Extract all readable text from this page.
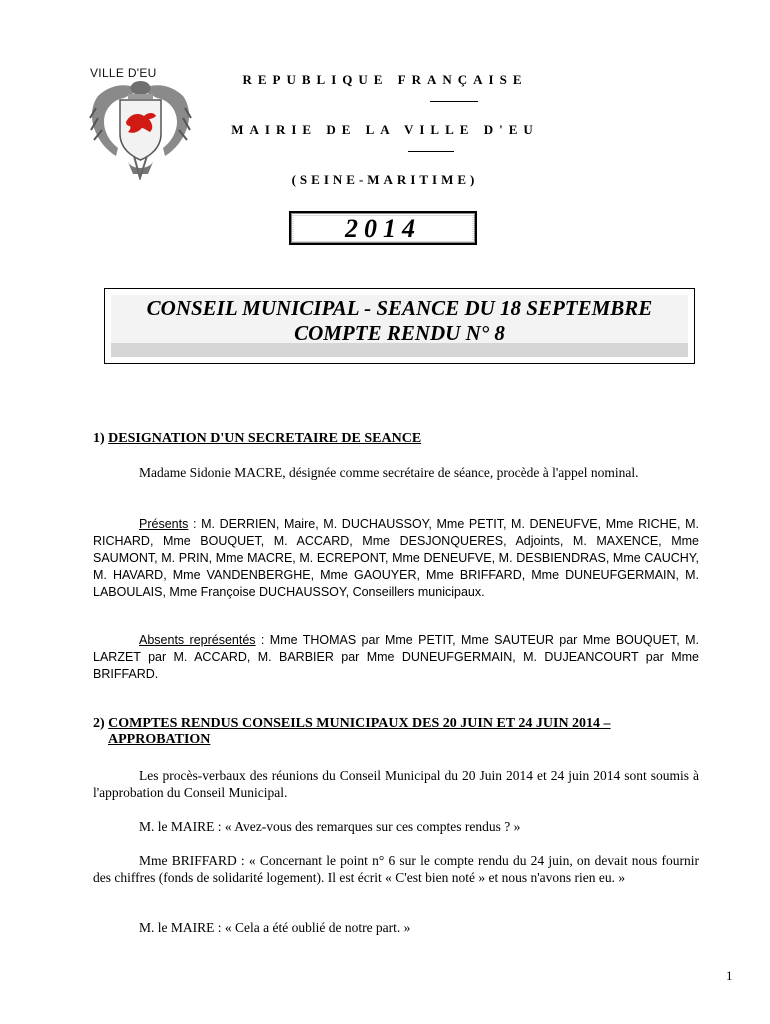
VILLE D'EU	REPUBLIQUE FRANÇAISE
MAIRIE DE LA VILLE D'EU
(SEINE-MARITIME)
2014
CONSEIL MUNICIPAL - SEANCE DU 18 SEPTEMBRE
COMPTE RENDU N° 8
1) DESIGNATION D'UN SECRETAIRE DE SEANCE
Madame Sidonie MACRE, désignée comme secrétaire de séance, procède à l'appel nominal.
Présents : M. DERRIEN, Maire, M. DUCHAUSSOY, Mme PETIT, M. DENEUFVE, Mme RICHE, M. RICHARD, Mme BOUQUET, M. ACCARD, Mme DESJONQUERES, Adjoints, M. MAXENCE, Mme SAUMONT, M. PRIN, Mme MACRE, M. ECREPONT, Mme DENEUFVE, M. DESBIENDRAS, Mme CAUCHY, M. HAVARD, Mme VANDENBERGHE, Mme GAOUYER, Mme BRIFFARD, Mme DUNEUFGERMAIN, M. LABOULAIS, Mme Françoise DUCHAUSSOY, Conseillers municipaux.
Absents représentés : Mme THOMAS par Mme PETIT, Mme SAUTEUR par Mme BOUQUET, M. LARZET par M. ACCARD, M. BARBIER par Mme DUNEUFGERMAIN, M. DUJEANCOURT par Mme BRIFFARD.
2) COMPTES RENDUS CONSEILS MUNICIPAUX DES 20 JUIN ET 24 JUIN 2014 –
APPROBATION
Les procès-verbaux des réunions du Conseil Municipal du 20 Juin 2014 et 24 juin 2014 sont soumis à l'approbation du Conseil Municipal.
M. le MAIRE : « Avez-vous des remarques sur ces comptes rendus ? »
Mme BRIFFARD : « Concernant le point n° 6 sur le compte rendu du 24 juin, on devait nous fournir des chiffres (fonds de solidarité logement). Il est écrit « C'est bien noté » et nous n'avons rien eu. »
M. le MAIRE : « Cela a été oublié de notre part. »
1
